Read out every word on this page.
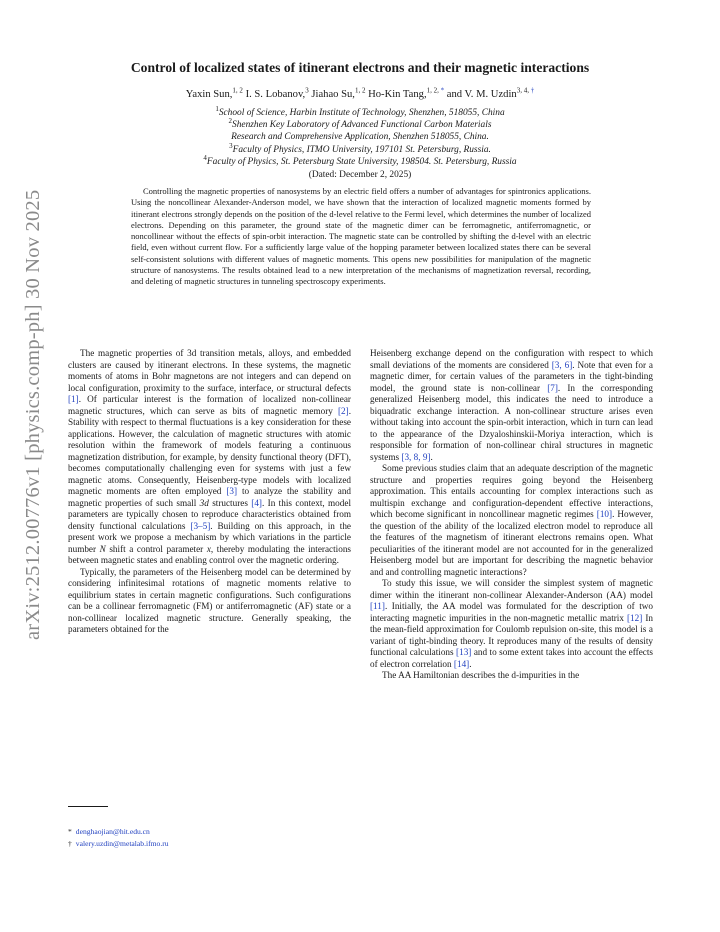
arXiv:2512.00776v1 [physics.comp-ph] 30 Nov 2025
Control of localized states of itinerant electrons and their magnetic interactions
Yaxin Sun,$^{1, 2}$ I. S. Lobanov,$^3$ Jiahao Su,$^{1, 2}$ Ho-Kin Tang,$^{1, 2, *}$ and V. M. Uzdin$^{3, 4, \dagger}$
$^1$School of Science, Harbin Institute of Technology, Shenzhen, 518055, China
$^2$Shenzhen Key Laboratory of Advanced Functional Carbon Materials
Research and Comprehensive Application, Shenzhen 518055, China.
$^3$Faculty of Physics, ITMO University, 197101 St. Petersburg, Russia.
$^4$Faculty of Physics, St. Petersburg State University, 198504. St. Petersburg, Russia
(Dated: December 2, 2025)
Controlling the magnetic properties of nanosystems by an electric field offers a number of advantages for spintronics applications. Using the noncollinear Alexander-Anderson model, we have shown that the interaction of localized magnetic moments formed by itinerant electrons strongly depends on the position of the d-level relative to the Fermi level, which determines the number of localized electrons. Depending on this parameter, the ground state of the magnetic dimer can be ferromagnetic, antiferromagnetic, or noncollinear without the effects of spin-orbit interaction. The magnetic state can be controlled by shifting the d-level with an electric field, even without current flow. For a sufficiently large value of the hopping parameter between localized states there can be several self-consistent solutions with different values of magnetic moments. This opens new possibilities for manipulation of the magnetic structure of nanosystems. The results obtained lead to a new interpretation of the mechanisms of magnetization reversal, recording, and deleting of magnetic structures in tunneling spectroscopy experiments.

The magnetic properties of 3d transition metals, alloys, and embedded clusters are caused by itinerant electrons. In these systems, the magnetic moments of atoms in Bohr magnetons are not integers and can depend on local configuration, proximity to the surface, interface, or structural defects [1]. Of particular interest is the formation of localized non-collinear magnetic structures, which can serve as bits of magnetic memory [2]. Stability with respect to thermal fluctuations is a key consideration for these applications. However, the calculation of magnetic structures with atomic resolution within the framework of models featuring a continuous magnetization distribution, for example, by density functional theory (DFT), becomes computationally challenging even for systems with just a few magnetic atoms. Consequently, Heisenberg-type models with localized magnetic moments are often employed [3] to analyze the stability and magnetic properties of such small 3d structures [4]. In this context, model parameters are typically chosen to reproduce characteristics obtained from density functional calculations [3–5]. Building on this approach, in the present work we propose a mechanism by which variations in the particle number N shift a control parameter x, thereby modulating the interactions between magnetic states and enabling control over the magnetic ordering.

Typically, the parameters of the Heisenberg model can be determined by considering infinitesimal rotations of magnetic moments relative to equilibrium states in certain magnetic configurations. Such configurations can be a collinear ferromagnetic (FM) or antiferromagnetic (AF) state or a non-collinear localized magnetic structure. Generally speaking, the parameters obtained for the

Heisenberg exchange depend on the configuration with respect to which small deviations of the moments are considered [3, 6]. Note that even for a magnetic dimer, for certain values of the parameters in the tight-binding model, the ground state is non-collinear [7]. In the corresponding generalized Heisenberg model, this indicates the need to introduce a biquadratic exchange interaction. A non-collinear structure arises even without taking into account the spin-orbit interaction, which in turn can lead to the appearance of the Dzyaloshinskii-Moriya interaction, which is responsible for formation of non-collinear chiral structures in magnetic systems [3, 8, 9].

Some previous studies claim that an adequate description of the magnetic structure and properties requires going beyond the Heisenberg approximation. This entails accounting for complex interactions such as multispin exchange and configuration-dependent effective interactions, which become significant in noncollinear magnetic regimes [10]. However, the question of the ability of the localized electron model to reproduce all the features of the magnetism of itinerant electrons remains open. What peculiarities of the itinerant model are not accounted for in the generalized Heisenberg model but are important for describing the magnetic behavior and and controlling magnetic interactions?

To study this issue, we will consider the simplest system of magnetic dimer within the itinerant non-collinear Alexander-Anderson (AA) model [11]. Initially, the AA model was formulated for the description of two interacting magnetic impurities in the non-magnetic metallic matrix [12] In the mean-field approximation for Coulomb repulsion on-site, this model is a variant of tight-binding theory. It reproduces many of the results of density functional calculations [13] and to some extent takes into account the effects of electron correlation [14].

The AA Hamiltonian describes the d-impurities in the

* denghaojian@hit.edu.cn
† valery.uzdin@metalab.ifmo.ru
